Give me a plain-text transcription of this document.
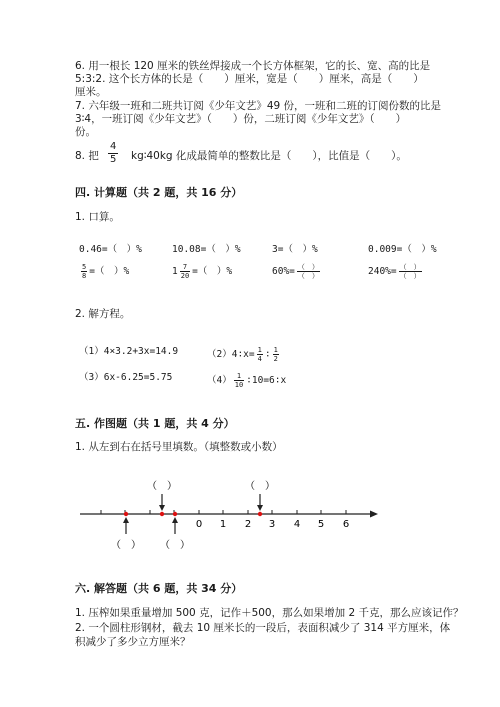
6. 用一根长 120 厘米的铁丝焊接成一个长方体框架，它的长、宽、高的比是
5:3:2. 这个长方体的长是（　　）厘米，宽是（　　）厘米，高是（　　）
厘米。
7. 六年级一班和二班共订阅《少年文艺》49 份，一班和二班的订阅份数的比是
3∶4，一班订阅《少年文艺》（　　）份，二班订阅《少年文艺》（　　）
份。
8. 把 $\frac{4}{5}$ kg∶40kg 化成最简单的整数比是（　　），比值是（　　）。
四. 计算题（共 2 题，共 16 分）
1. 口算。
0.46=（　）%	10.08=（　）%	3=（　）%	0.009=（　）%
$\frac{5}{8}$ =（　）%	$1 \frac{7}{20}$ =（　）%	$60\%= \frac{( )}{( )}$	$240\%= \frac{( )}{( )}$
2. 解方程。
（1）4×3.2+3x=14.9	（2）4∶x= $\frac{1}{4}$ ∶ $\frac{1}{2}$
（3）6x-6.25=5.75	$(4) \frac{1}{10}$ ∶10=6∶x
五. 作图题（共 1 题，共 4 分）
1. 从左到右在括号里填数。（填整数或小数）
0 1 2 3 4 5 6
（　）	（　）
（　） （　）
六. 解答题（共 6 题，共 34 分）
1. 压榨如果重量增加 500 克，记作＋500，那么如果增加 2 千克，那么应该记作？
2. 一个圆柱形钢材，截去 10 厘米长的一段后，表面积减少了 314 平方厘米，体
积减少了多少立方厘米？
